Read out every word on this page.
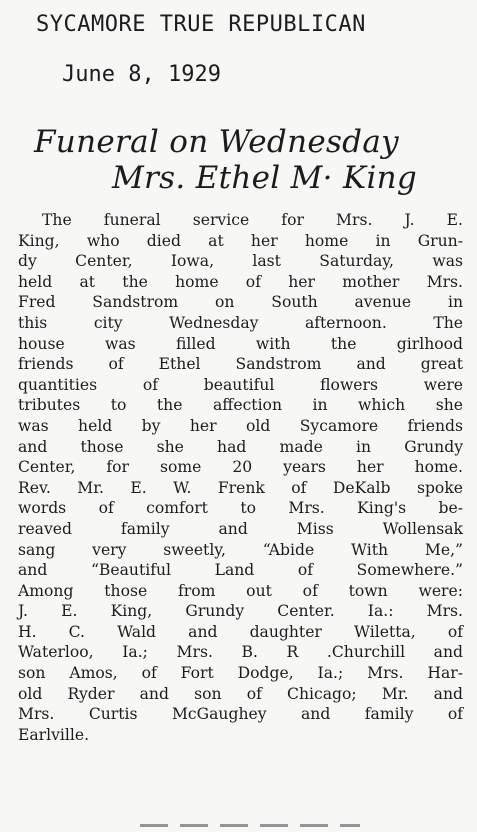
SYCAMORE TRUE REPUBLICAN
June 8, 1929
Funeral on Wednesday
Mrs. Ethel M· King
The funeral service for Mrs. J. E.
King, who died at her home in Grun-
dy Center, Iowa, last Saturday, was
held at the home of her mother Mrs.
Fred Sandstrom on South avenue in
this city Wednesday afternoon. The
house was filled with the girlhood
friends of Ethel Sandstrom and great
quantities of beautiful flowers were
tributes to the affection in which she
was held by her old Sycamore friends
and those she had made in Grundy
Center, for some 20 years her home.
Rev. Mr. E. W. Frenk of DeKalb spoke
words of comfort to Mrs. King's be-
reaved family and Miss Wollensak
sang very sweetly, “Abide With Me,”
and “Beautiful Land of Somewhere.”
Among those from out of town were:
J. E. King, Grundy Center. Ia.: Mrs.
H. C. Wald and daughter Wiletta, of
Waterloo, Ia.; Mrs. B. R .Churchill and
son Amos, of Fort Dodge, Ia.; Mrs. Har-
old Ryder and son of Chicago; Mr. and
Mrs. Curtis McGaughey and family of
Earlville.
